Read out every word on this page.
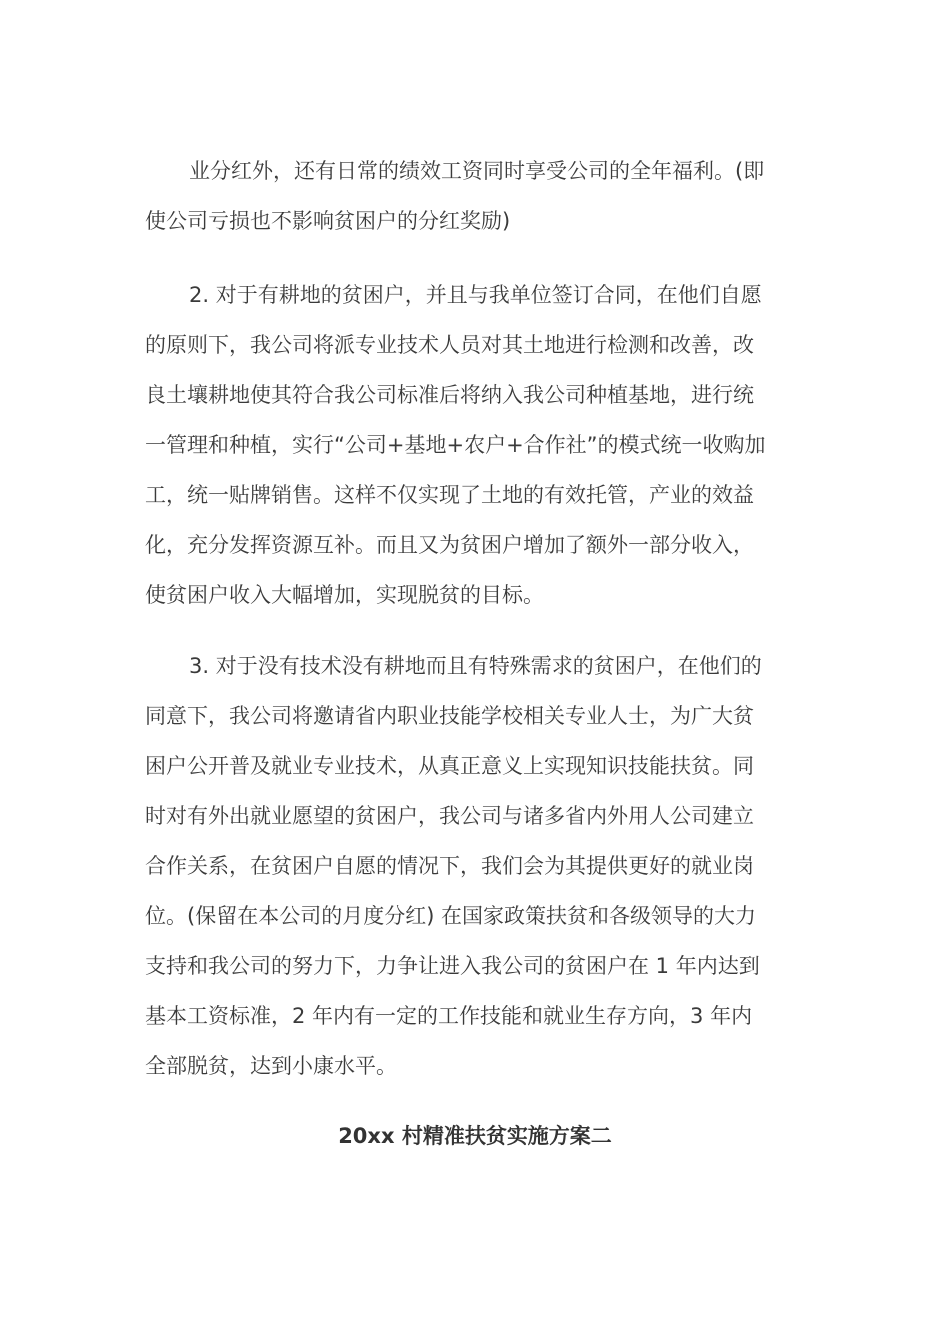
业分红外，还有日常的绩效工资同时享受公司的全年福利。(即
使公司亏损也不影响贫困户的分红奖励)
2. 对于有耕地的贫困户，并且与我单位签订合同，在他们自愿
的原则下，我公司将派专业技术人员对其土地进行检测和改善，改
良土壤耕地使其符合我公司标准后将纳入我公司种植基地，进行统
一管理和种植，实行“公司+基地+农户+合作社”的模式统一收购加
工，统一贴牌销售。这样不仅实现了土地的有效托管，产业的效益
化，充分发挥资源互补。而且又为贫困户增加了额外一部分收入，
使贫困户收入大幅增加，实现脱贫的目标。
3. 对于没有技术没有耕地而且有特殊需求的贫困户，在他们的
同意下，我公司将邀请省内职业技能学校相关专业人士，为广大贫
困户公开普及就业专业技术，从真正意义上实现知识技能扶贫。同
时对有外出就业愿望的贫困户，我公司与诸多省内外用人公司建立
合作关系，在贫困户自愿的情况下，我们会为其提供更好的就业岗
位。(保留在本公司的月度分红) 在国家政策扶贫和各级领导的大力
支持和我公司的努力下，力争让进入我公司的贫困户在 1 年内达到
基本工资标准，2 年内有一定的工作技能和就业生存方向，3 年内
全部脱贫，达到小康水平。
20xx 村精准扶贫实施方案二
